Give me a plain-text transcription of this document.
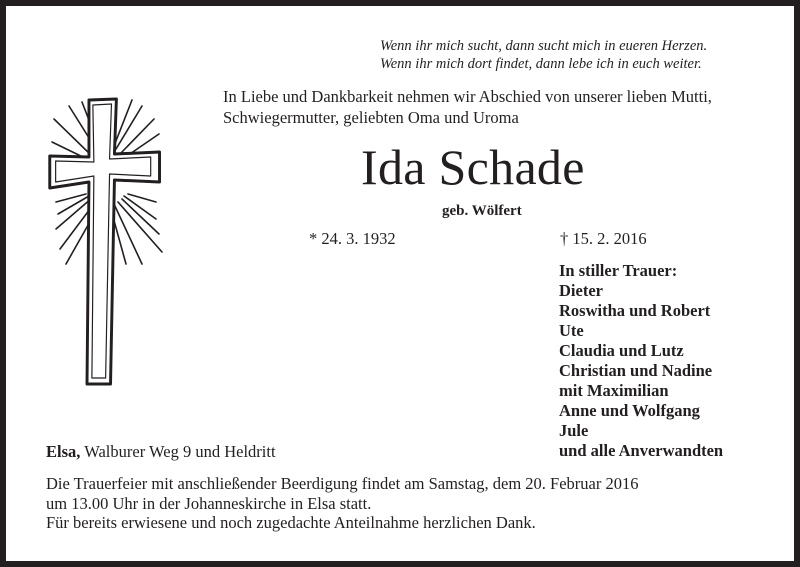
Wenn ihr mich sucht, dann sucht mich in eueren Herzen.
Wenn ihr mich dort findet, dann lebe ich in euch weiter.
In Liebe und Dankbarkeit nehmen wir Abschied von unserer lieben Mutti,
Schwiegermutter, geliebten Oma und Uroma
Ida Schade
geb. Wölfert
* 24. 3. 1932	† 15. 2. 2016
In stiller Trauer:
Dieter
Roswitha und Robert
Ute
Claudia und Lutz
Christian und Nadine
mit Maximilian
Anne und Wolfgang
Jule
und alle Anverwandten
Elsa, Walburer Weg 9 und Heldritt
Die Trauerfeier mit anschließender Beerdigung findet am Samstag, dem 20. Februar 2016
um 13.00 Uhr in der Johanneskirche in Elsa statt.
Für bereits erwiesene und noch zugedachte Anteilnahme herzlichen Dank.
